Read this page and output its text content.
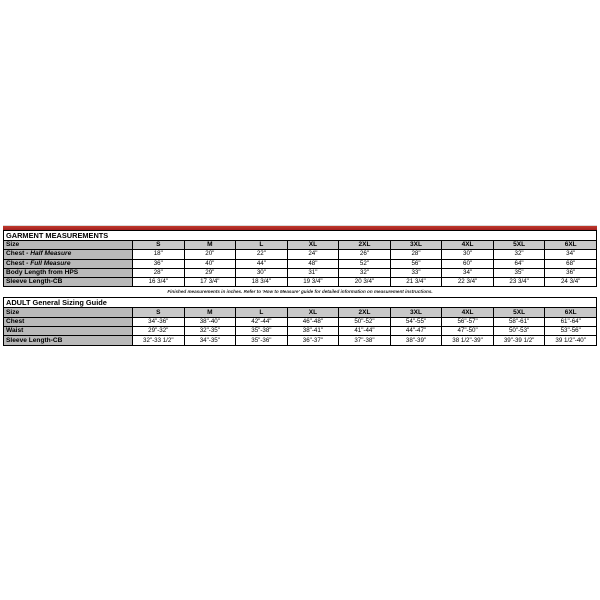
GARMENT MEASUREMENTS									
Size	S	M	L	XL	2XL	3XL	4XL	5XL	6XL
Chest - Half Measure	18"	20"	22"	24"	26"	28"	30"	32"	34"
Chest - Full Measure	36"	40"	44"	48"	52"	56"	60"	64"	68"
Body Length from HPS	28"	29"	30"	31"	32"	33"	34"	35"	36"
Sleeve Length-CB	16 3/4"	17 3/4"	18 3/4"	19 3/4"	20 3/4"	21 3/4"	22 3/4"	23 3/4"	24 3/4"
Finished measurements in inches. Refer to 'How to Measure' guide for detailed information on measurement instructions.
ADULT General Sizing Guide									
Size	S	M	L	XL	2XL	3XL	4XL	5XL	6XL
Chest	34"-36"	38"-40"	42"-44"	46"-48"	50"-52"	54"-55"	56"-57"	58"-61"	61"-64"
Waist	29"-32"	32"-35"	35"-38"	38"-41"	41"-44"	44"-47"	47"-50"	50"-53"	53"-56"
Sleeve Length-CB	32"-33 1/2"	34"-35"	35"-36"	36"-37"	37"-38"	38"-39"	38 1/2"-39"	39"-39 1/2"	39 1/2"-40"
